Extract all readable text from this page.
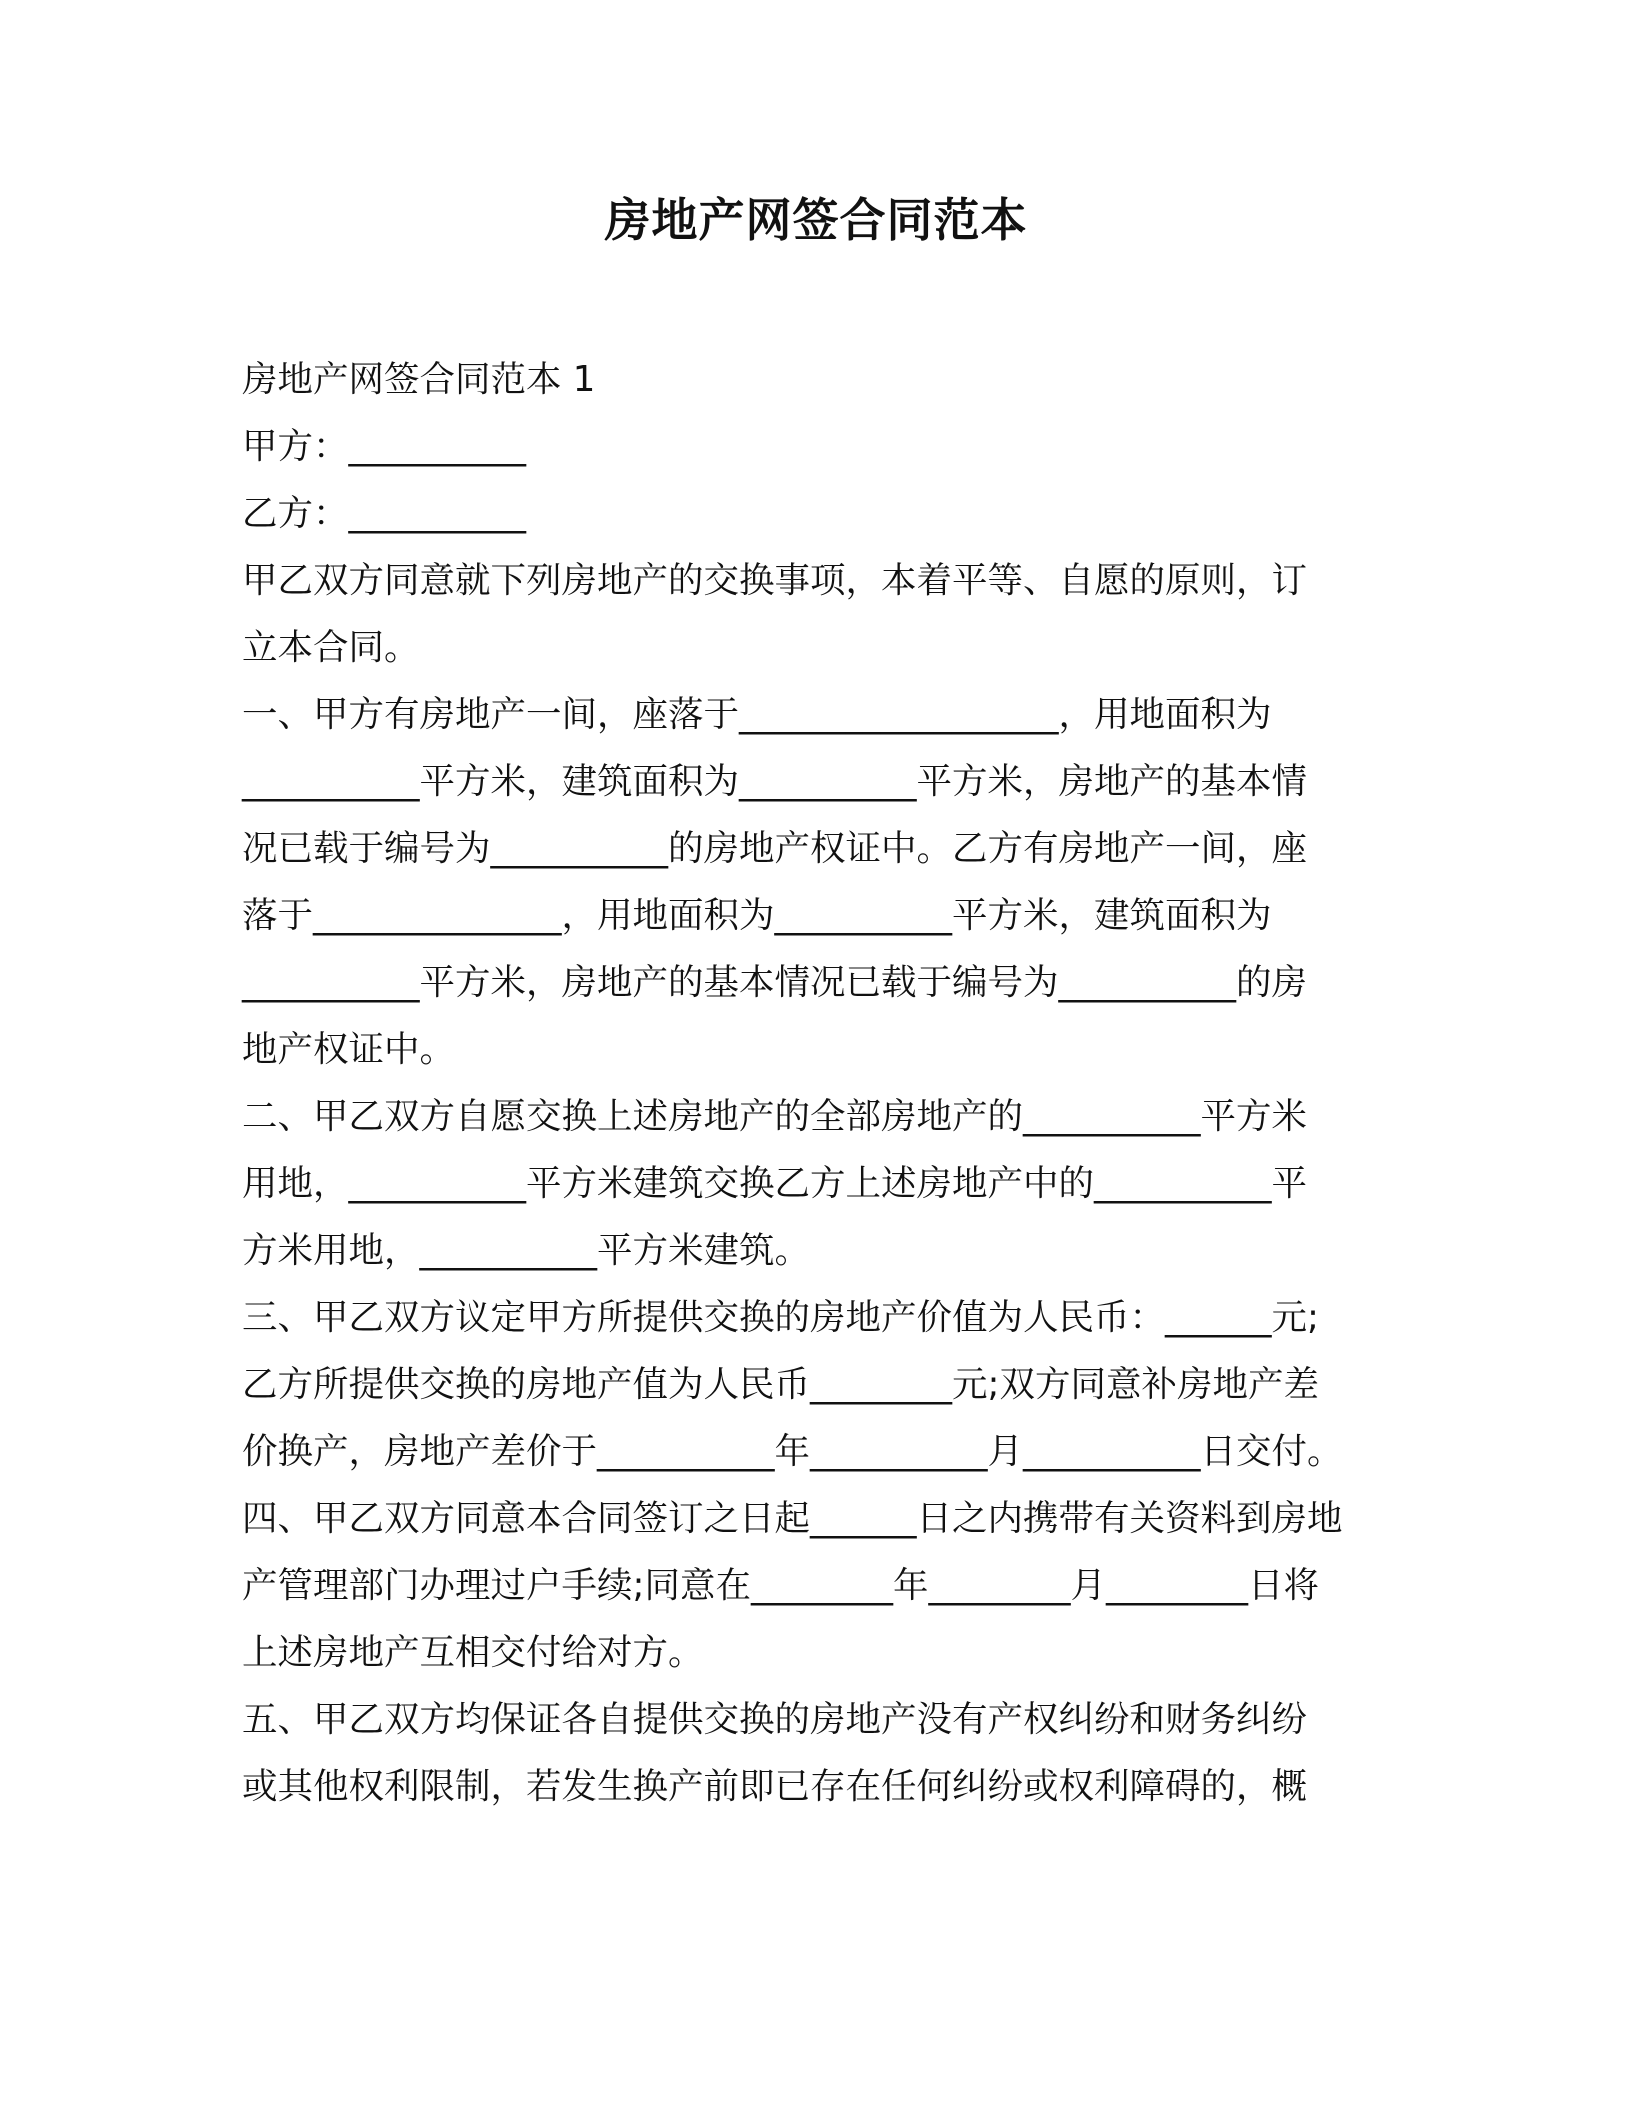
房地产网签合同范本
房地产网签合同范本 1
甲方：__________
乙方：__________
甲乙双方同意就下列房地产的交换事项，本着平等、自愿的原则，订
立本合同。
一、甲方有房地产一间，座落于__________________，用地面积为
__________平方米，建筑面积为__________平方米，房地产的基本情
况已载于编号为__________的房地产权证中。乙方有房地产一间，座
落于______________，用地面积为__________平方米，建筑面积为
__________平方米，房地产的基本情况已载于编号为__________的房
地产权证中。
二、甲乙双方自愿交换上述房地产的全部房地产的__________平方米
用地，__________平方米建筑交换乙方上述房地产中的__________平
方米用地，__________平方米建筑。
三、甲乙双方议定甲方所提供交换的房地产价值为人民币：______元;
乙方所提供交换的房地产值为人民币________元;双方同意补房地产差
价换产，房地产差价于__________年__________月__________日交付。
四、甲乙双方同意本合同签订之日起______日之内携带有关资料到房地
产管理部门办理过户手续;同意在________年________月________日将
上述房地产互相交付给对方。
五、甲乙双方均保证各自提供交换的房地产没有产权纠纷和财务纠纷
或其他权利限制，若发生换产前即已存在任何纠纷或权利障碍的，概
